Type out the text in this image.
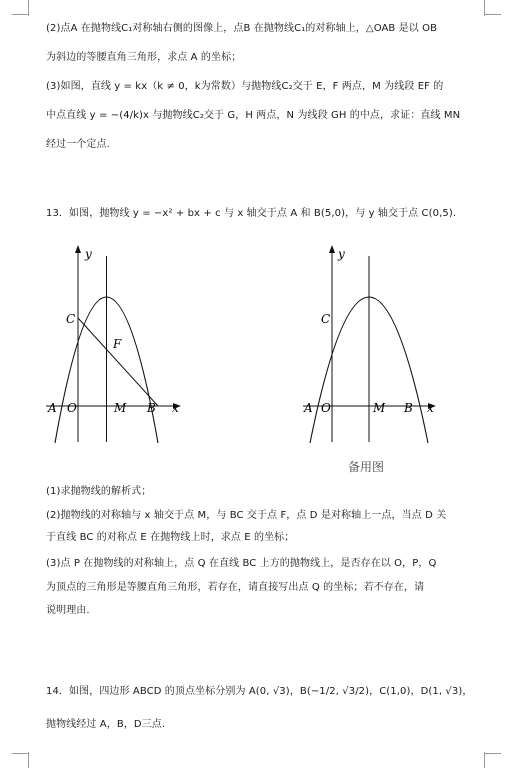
(2)点A 在抛物线C₁对称轴右侧的图像上，点B 在抛物线C₁的对称轴上，△OAB 是以 OB
为斜边的等腰直角三角形，求点 A 的坐标；
(3)如图，直线 y = kx（k ≠ 0，k为常数）与抛物线C₂交于 E，F 两点，M 为线段 EF 的
中点直线 y = −(4/k)x 与抛物线C₂交于 G，H 两点，N 为线段 GH 的中点，求证：直线 MN
经过一个定点.
13．如图，抛物线 y = −x² + bx + c 与 x 轴交于点 A 和 B(5,0)，与 y 轴交于点 C(0,5).
y
x
A O
C
F
M B
y
x
A O
C
M B
备用图
(1)求抛物线的解析式；
(2)抛物线的对称轴与 x 轴交于点 M，与 BC 交于点 F，点 D 是对称轴上一点，当点 D 关
于直线 BC 的对称点 E 在抛物线上时，求点 E 的坐标；
(3)点 P 在抛物线的对称轴上，点 Q 在直线 BC 上方的抛物线上，是否存在以 O，P，Q
为顶点的三角形是等腰直角三角形，若存在，请直接写出点 Q 的坐标；若不存在，请
说明理由.
14．如图，四边形 ABCD 的顶点坐标分别为 A(0, √3)，B(−1/2, √3/2)，C(1,0)，D(1, √3)，
抛物线经过 A，B，D三点.
